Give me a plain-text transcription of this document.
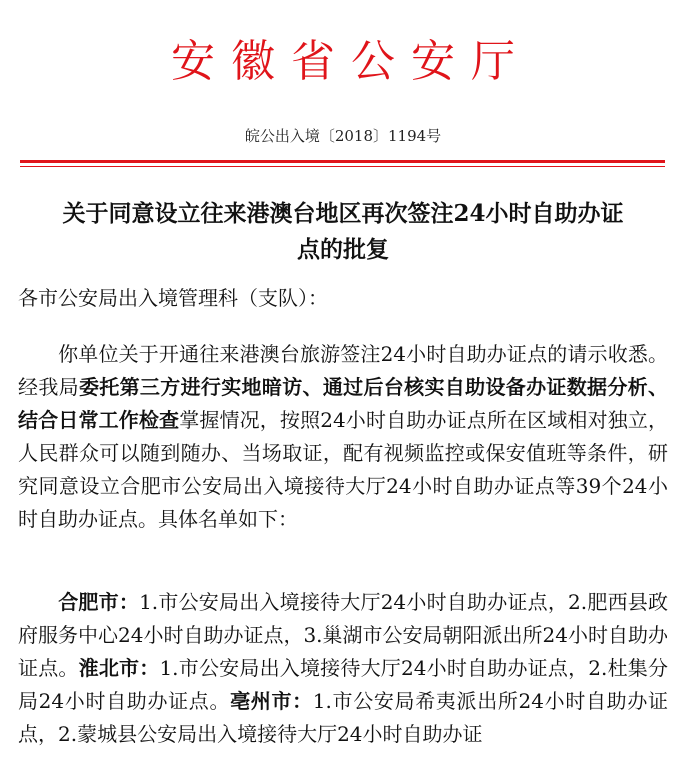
安徽省公安厅
皖公出入境〔2018〕1194号
关于同意设立往来港澳台地区再次签注24小时自助办证
点的批复
各市公安局出入境管理科（支队）：
你单位关于开通往来港澳台旅游签注24小时自助办证点的请示收悉。经我局委托第三方进行实地暗访、通过后台核实自助设备办证数据分析、结合日常工作检查掌握情况，按照24小时自助办证点所在区域相对独立，人民群众可以随到随办、当场取证，配有视频监控或保安值班等条件，研究同意设立合肥市公安局出入境接待大厅24小时自助办证点等39个24小时自助办证点。具体名单如下：
合肥市：1.市公安局出入境接待大厅24小时自助办证点，2.肥西县政府服务中心24小时自助办证点，3.巢湖市公安局朝阳派出所24小时自助办证点。淮北市：1.市公安局出入境接待大厅24小时自助办证点，2.杜集分局24小时自助办证点。亳州市：1.市公安局希夷派出所24小时自助办证点，2.蒙城县公安局出入境接待大厅24小时自助办证
